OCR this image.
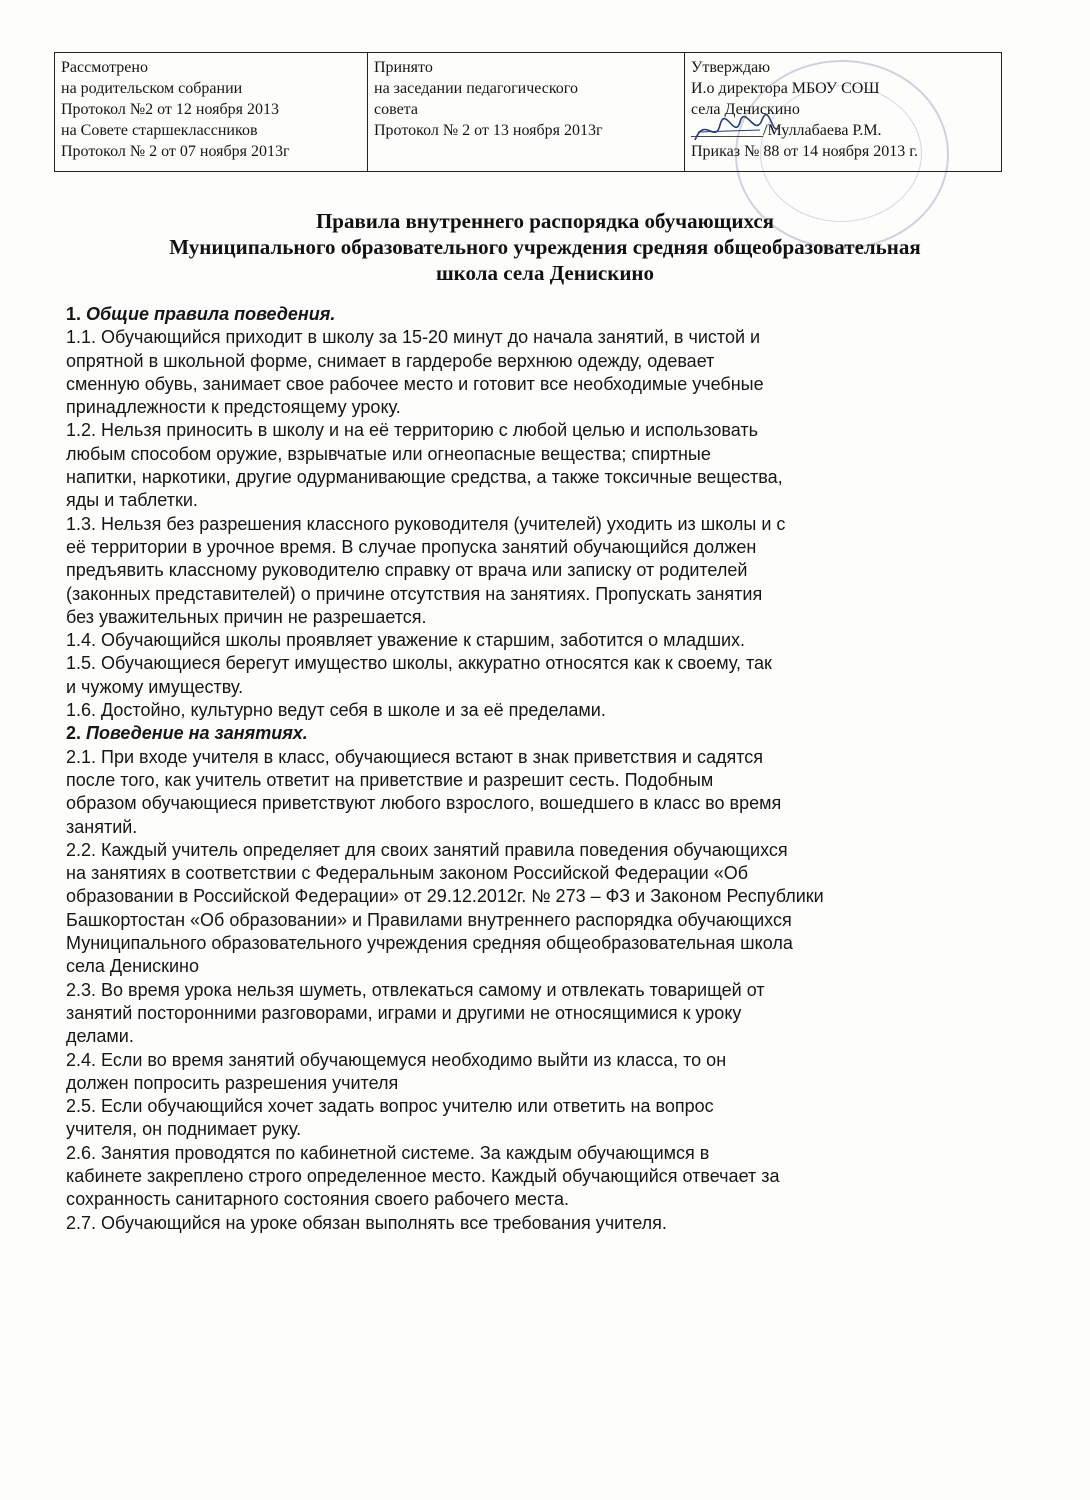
Рассмотрено
на родительском собрании
Протокол №2 от 12 ноября 2013
на Совете старшеклассников
Протокол № 2 от 07 ноября 2013г

Принято
на заседании педагогического
совета
Протокол № 2 от 13 ноября 2013г

Утверждаю
И.о директора МБОУ СОШ
села Денискино
_________/Муллабаева Р.М.
Приказ № 88 от 14 ноября 2013 г.
Правила внутреннего распорядка обучающихся
Муниципального образовательного учреждения средняя общеобразовательная
школа села Денискино
1. Общие правила поведения.
1.1. Обучающийся приходит в школу за 15-20 минут до начала занятий, в чистой и
опрятной в школьной форме, снимает в гардеробе верхнюю одежду, одевает
сменную обувь, занимает свое рабочее место и готовит все необходимые учебные
принадлежности к предстоящему уроку.
1.2. Нельзя приносить в школу и на её территорию с любой целью и использовать
любым способом оружие, взрывчатые или огнеопасные вещества; спиртные
напитки, наркотики, другие одурманивающие средства, а также токсичные вещества,
яды и таблетки.
1.3. Нельзя без разрешения классного руководителя (учителей) уходить из школы и с
её территории в урочное время. В случае пропуска занятий обучающийся должен
предъявить классному руководителю справку от врача или записку от родителей
(законных представителей) о причине отсутствия на занятиях. Пропускать занятия
без уважительных причин не разрешается.
1.4. Обучающийся школы проявляет уважение к старшим, заботится о младших.
1.5. Обучающиеся берегут имущество школы, аккуратно относятся как к своему, так
и чужому имуществу.
1.6. Достойно, культурно ведут себя в школе и за её пределами.
2. Поведение на занятиях.
2.1. При входе учителя в класс, обучающиеся встают в знак приветствия и садятся
после того, как учитель ответит на приветствие и разрешит сесть. Подобным
образом обучающиеся приветствуют любого взрослого, вошедшего в класс во время
занятий.
2.2. Каждый учитель определяет для своих занятий правила поведения обучающихся
на занятиях в соответствии с Федеральным законом Российской Федерации «Об
образовании в Российской Федерации» от 29.12.2012г. № 273 – ФЗ и Законом Республики
Башкортостан «Об образовании» и Правилами внутреннего распорядка обучающихся
Муниципального образовательного учреждения средняя общеобразовательная школа
села Денискино
2.3. Во время урока нельзя шуметь, отвлекаться самому и отвлекать товарищей от
занятий посторонними разговорами, играми и другими не относящимися к уроку
делами.
2.4. Если во время занятий обучающемуся необходимо выйти из класса, то он
должен попросить разрешения учителя
2.5. Если обучающийся хочет задать вопрос учителю или ответить на вопрос
учителя, он поднимает руку.
2.6. Занятия проводятся по кабинетной системе. За каждым обучающимся в
кабинете закреплено строго определенное место. Каждый обучающийся отвечает за
сохранность санитарного состояния своего рабочего места.
2.7. Обучающийся на уроке обязан выполнять все требования учителя.
